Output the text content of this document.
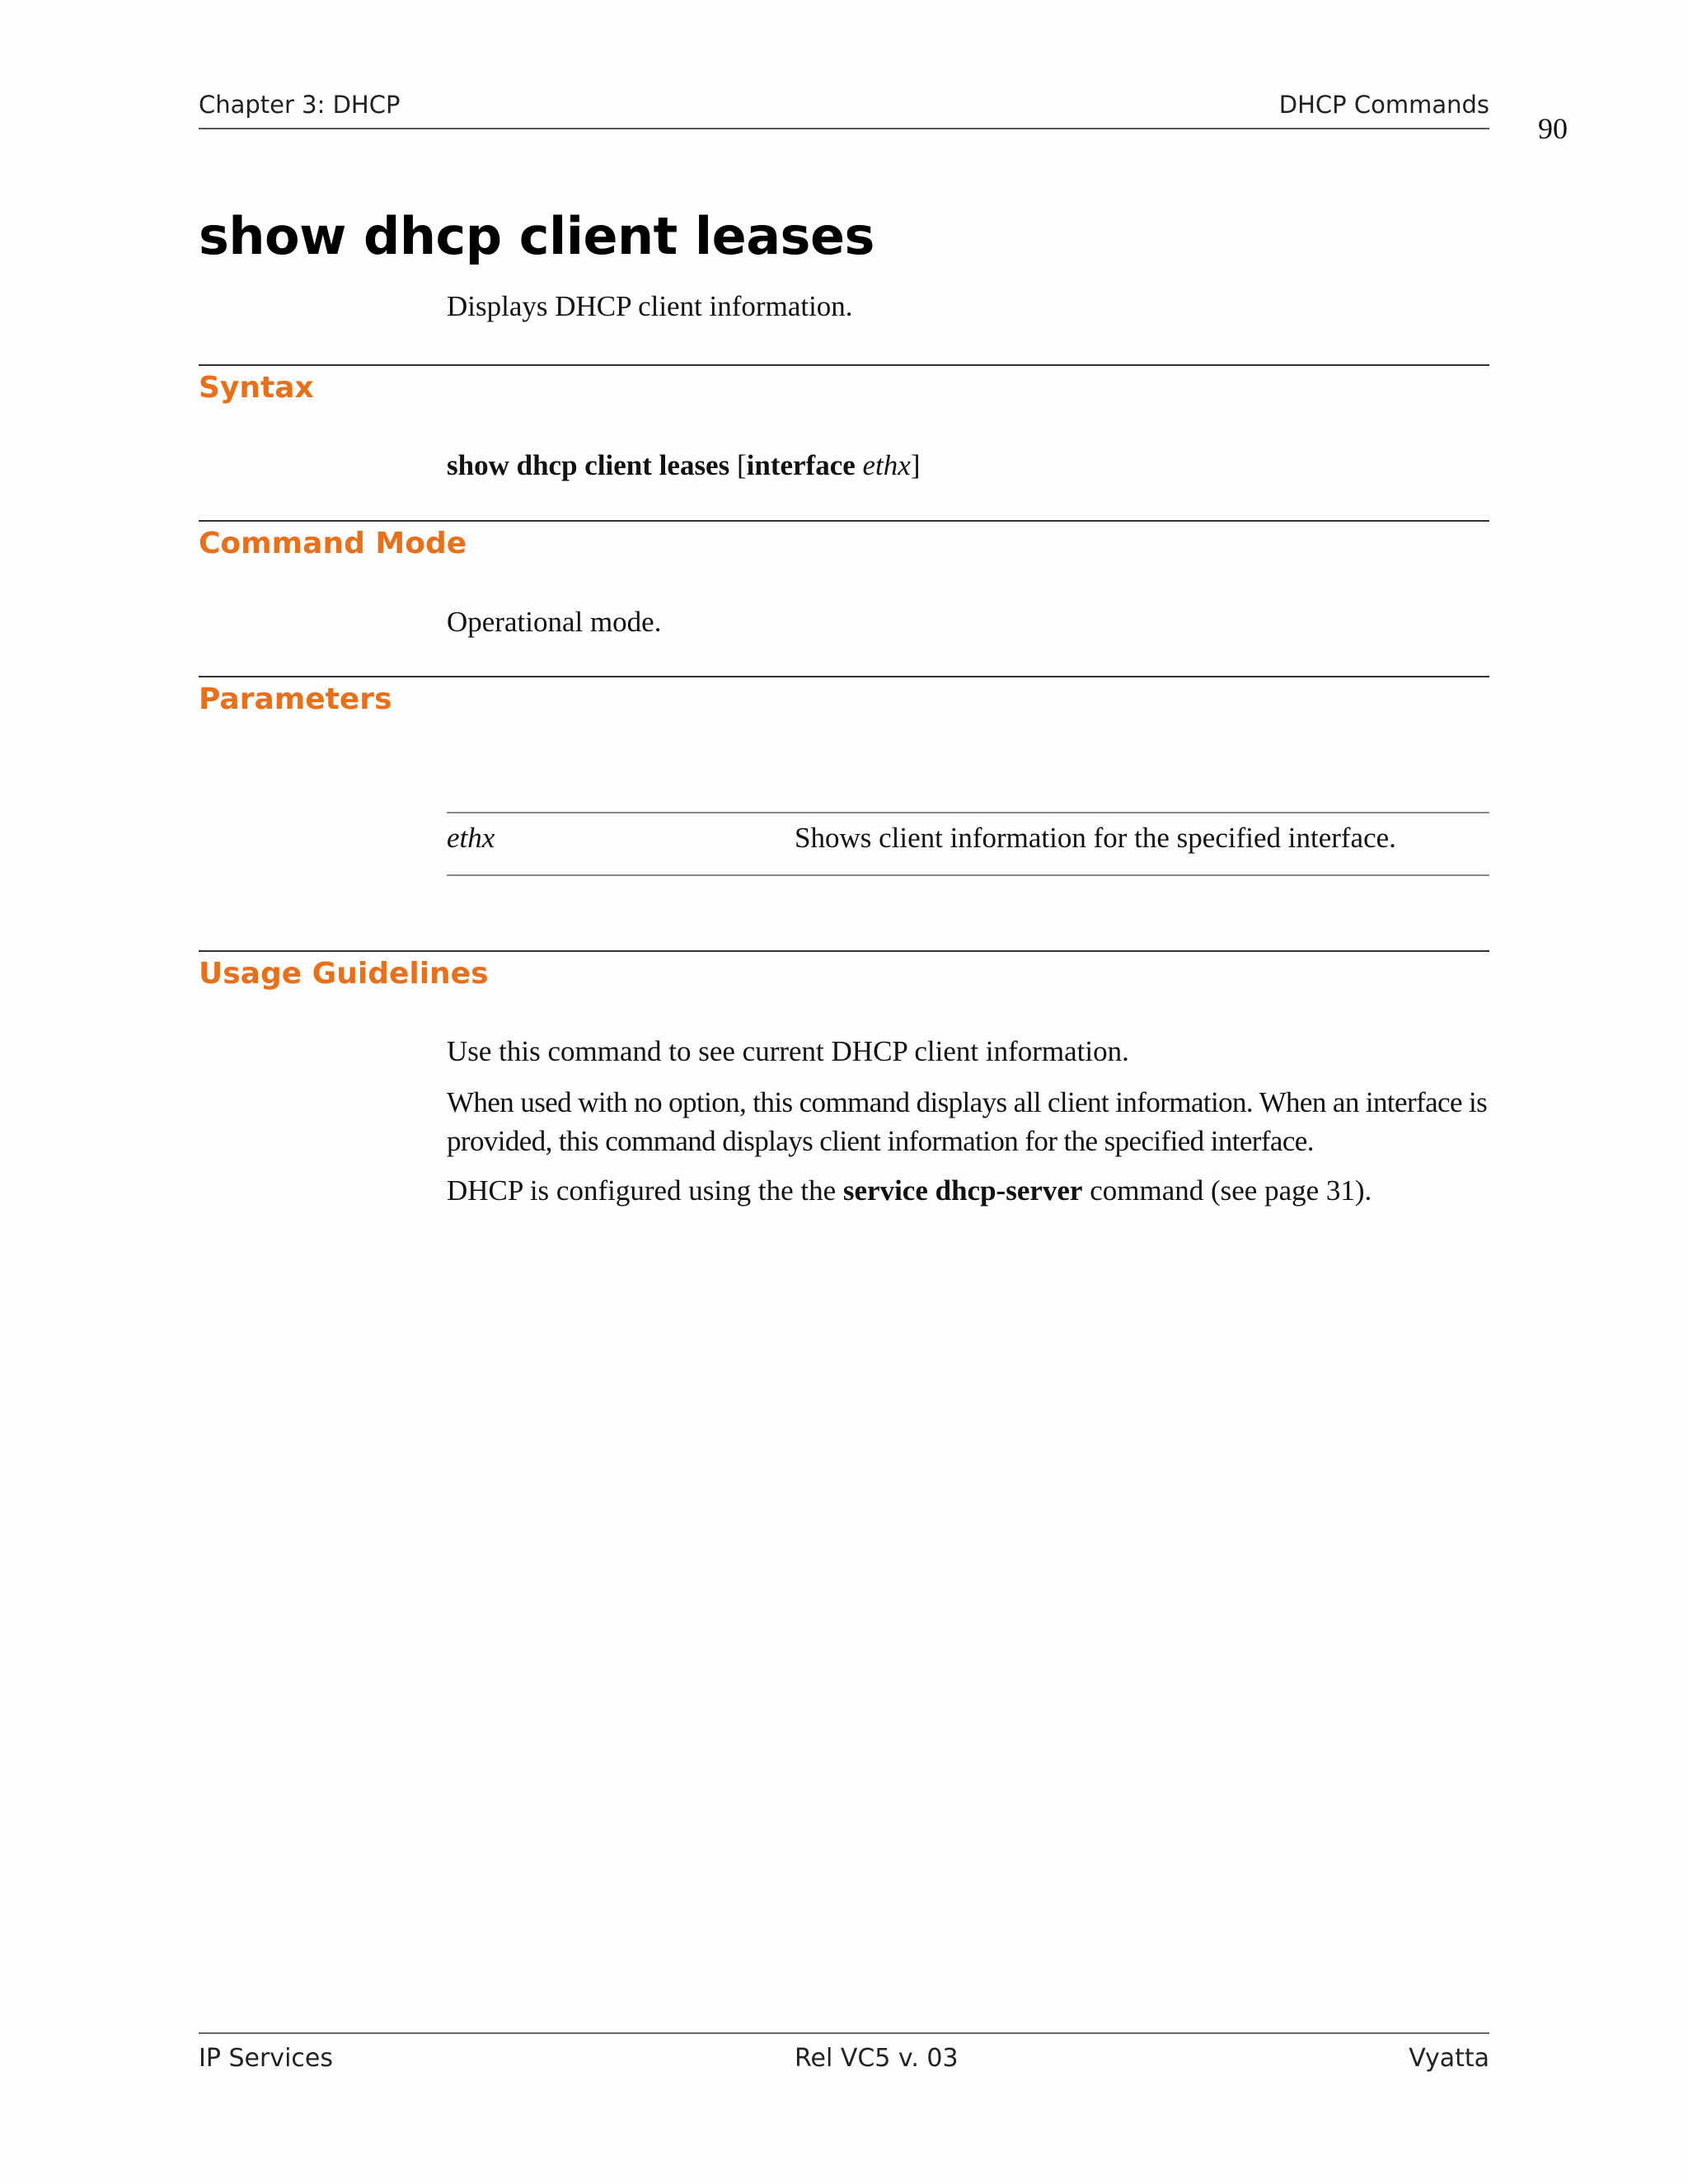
Chapter 3: DHCP	DHCP Commands
90
show dhcp client leases
Displays DHCP client information.
Syntax
show dhcp client leases [interface ethx]
Command Mode
Operational mode.
Parameters
ethx	Shows client information for the specified interface.
Usage Guidelines
Use this command to see current DHCP client information.
When used with no option, this command displays all client information. When an interface is provided, this command displays client information for the specified interface.
DHCP is configured using the the service dhcp-server command (see page 31).
IP Services	Rel VC5 v. 03	Vyatta
